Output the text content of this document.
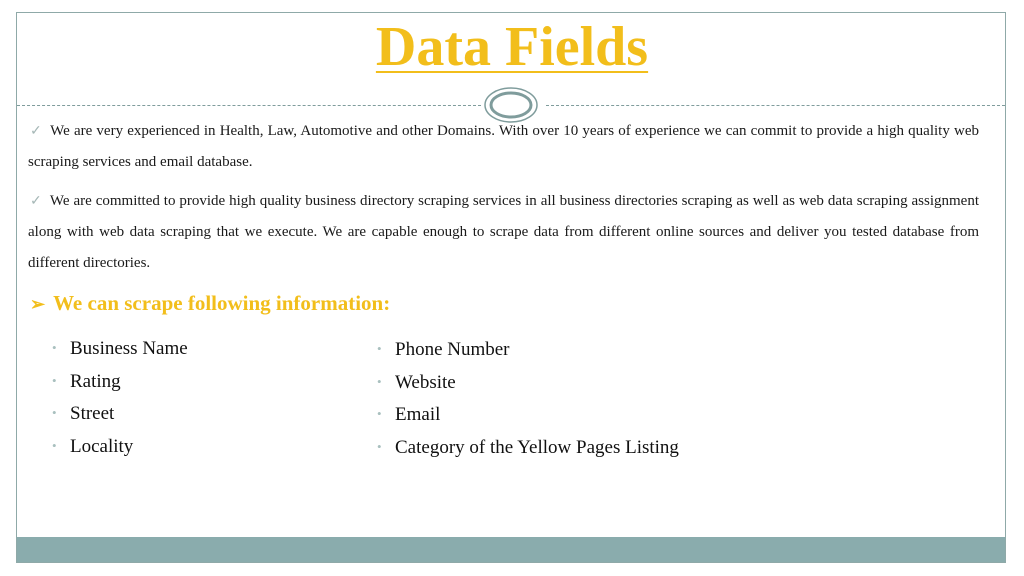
Data Fields
✓ We are very experienced in Health, Law, Automotive and other Domains. With over 10 years of experience we can commit to provide a high quality web scraping services and email database.
✓ We are committed to provide high quality business directory scraping services in all business directories scraping as well as web data scraping assignment along with web data scraping that we execute. We are capable enough to scrape data from different online sources and deliver you tested database from different directories.
➢ We can scrape following information:
• Business Name
• Rating
• Street
• Locality
• Phone Number
• Website
• Email
• Category of the Yellow Pages Listing
